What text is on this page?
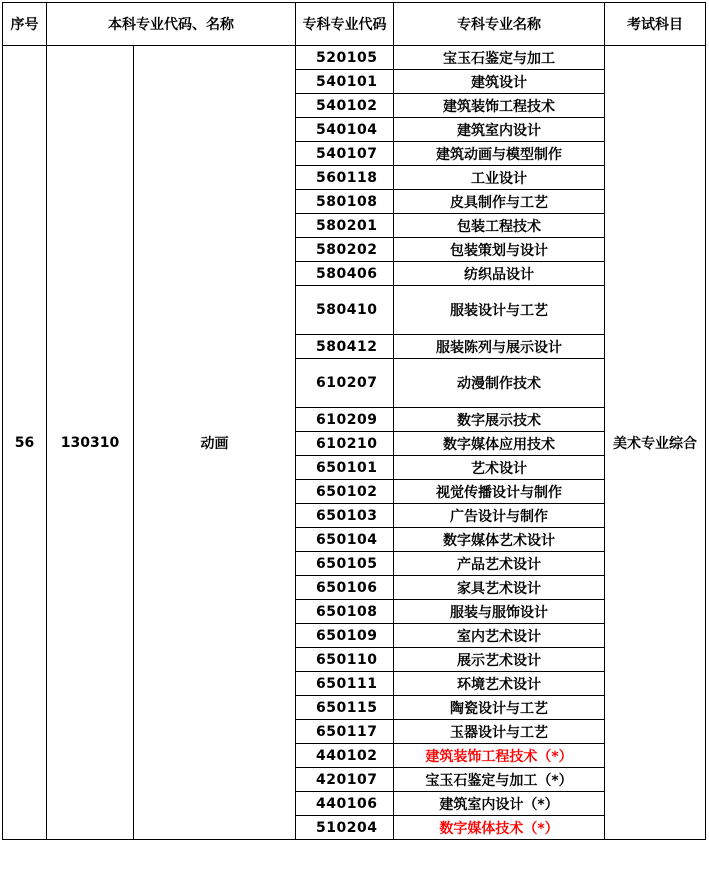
序号	本科专业代码、名称		专科专业代码	专科专业名称	考试科目
56	130310	动画	520105	宝玉石鉴定与加工	美术专业综合
			540101	建筑设计	
			540102	建筑装饰工程技术	
			540104	建筑室内设计	
			540107	建筑动画与模型制作	
			560118	工业设计	
			580108	皮具制作与工艺	
			580201	包装工程技术	
			580202	包装策划与设计	
			580406	纺织品设计	
			580410	服装设计与工艺	
			580412	服装陈列与展示设计	
			610207	动漫制作技术	
			610209	数字展示技术	
			610210	数字媒体应用技术	
			650101	艺术设计	
			650102	视觉传播设计与制作	
			650103	广告设计与制作	
			650104	数字媒体艺术设计	
			650105	产品艺术设计	
			650106	家具艺术设计	
			650108	服装与服饰设计	
			650109	室内艺术设计	
			650110	展示艺术设计	
			650111	环境艺术设计	
			650115	陶瓷设计与工艺	
			650117	玉器设计与工艺	
			440102	建筑装饰工程技术（*）	
			420107	宝玉石鉴定与加工（*）	
			440106	建筑室内设计（*）	
			510204	数字媒体技术（*）	
